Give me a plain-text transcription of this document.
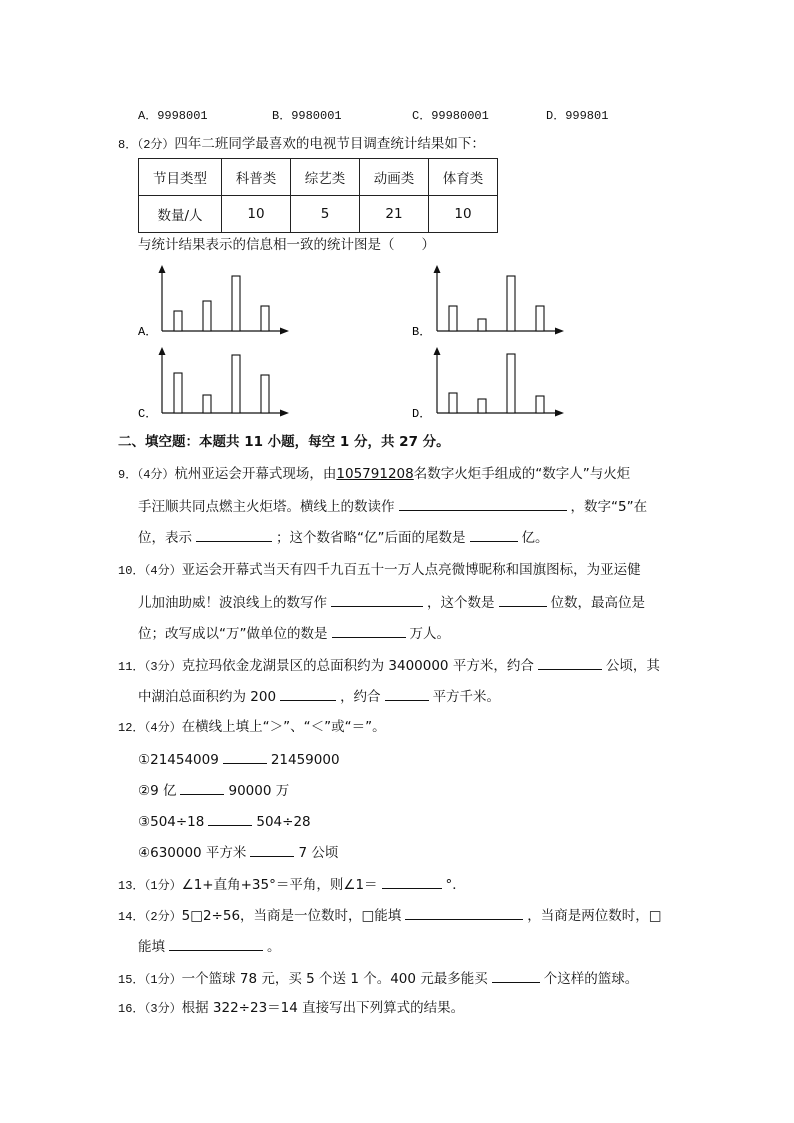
A．9998001	B．9980001	C．99980001	D．999801
8．（2分）四年二班同学最喜欢的电视节目调查统计结果如下：
节目类型	科普类	综艺类	动画类	体育类
数量/人	10	5	21	10
与统计结果表示的信息相一致的统计图是（　　）
A．	B．
C．	D．
二、填空题：本题共 11 小题，每空 1 分，共 27 分。
9．（4分）杭州亚运会开幕式现场，由105791208名数字火炬手组成的“数字人”与火炬
手汪顺共同点燃主火炬塔。横线上的数读作	，数字“5”在
位，表示	；这个数省略“亿”后面的尾数是	亿。
10．（4分）亚运会开幕式当天有四千九百五十一万人点亮微博昵称和国旗图标，为亚运健
儿加油助威！波浪线上的数写作	，这个数是	位数，最高位是
位；改写成以“万”做单位的数是	万人。
11．（3分）克拉玛依金龙湖景区的总面积约为 3400000 平方米，约合	公顷，其
中湖泊总面积约为 200	，约合	平方千米。
12．（4分）在横线上填上“＞”、“＜”或“＝”。
①21454009	21459000
②9 亿	90000 万
③504÷18	504÷28
④630000 平方米	7 公顷
13．（1分）∠1+直角+35°＝平角，则∠1＝	°．
14．（2分）5□2÷56，当商是一位数时，□能填	，当商是两位数时，□
能填	。
15．（1分）一个篮球 78 元，买 5 个送 1 个。400 元最多能买	个这样的篮球。
16．（3分）根据 322÷23＝14 直接写出下列算式的结果。
